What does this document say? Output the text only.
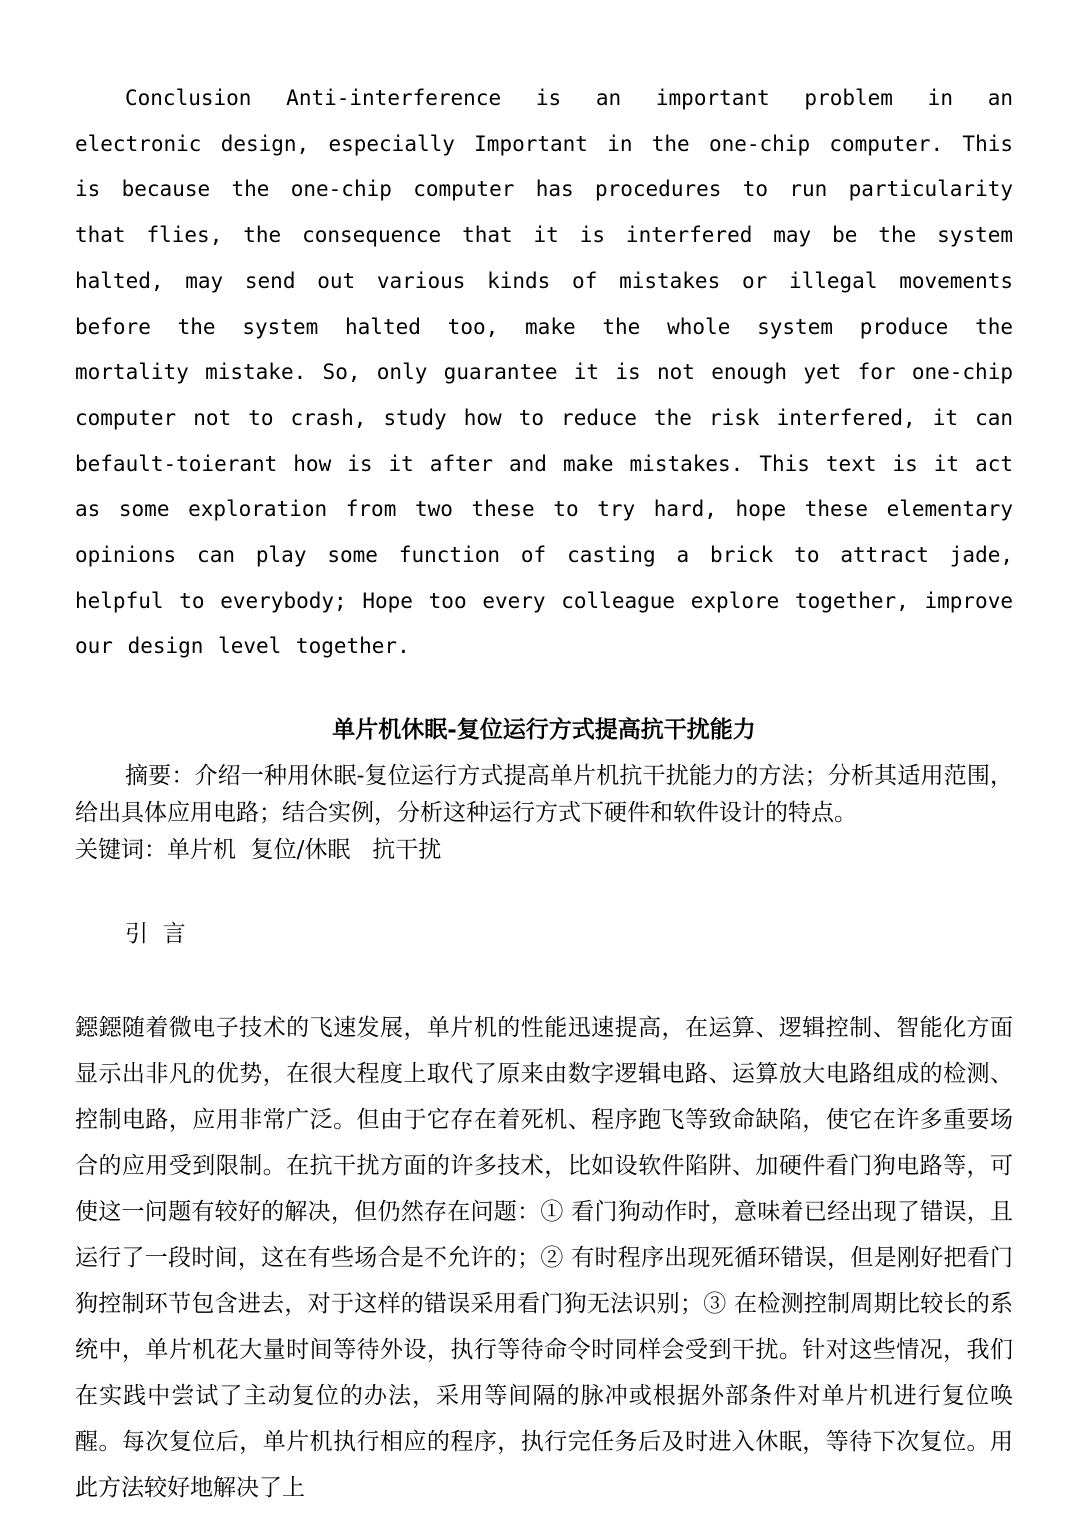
Conclusion Anti-interference is an important problem in an electronic design, especially Important in the one-chip computer. This is because the one-chip computer has procedures to run particularity that flies, the consequence that it is interfered may be the system halted, may send out various kinds of mistakes or illegal movements before the system halted too, make the whole system produce the mortality mistake. So, only guarantee it is not enough yet for one-chip computer not to crash, study how to reduce the risk interfered, it can befault-toierant how is it after and make mistakes. This text is it act as some exploration from two these to try hard, hope these elementary opinions can play some function of casting a brick to attract jade, helpful to everybody; Hope too every colleague explore together, improve our design level together.

单片机休眠-复位运行方式提高抗干扰能力

摘要：介绍一种用休眠-复位运行方式提高单片机抗干扰能力的方法；分析其适用范围，给出具体应用电路；结合实例，分析这种运行方式下硬件和软件设计的特点。

关键词：单片机  复位/休眠   抗干扰

引  言

鐚鐚随着微电子技术的飞速发展，单片机的性能迅速提高，在运算、逻辑控制、智能化方面显示出非凡的优势，在很大程度上取代了原来由数字逻辑电路、运算放大电路组成的检测、控制电路，应用非常广泛。但由于它存在着死机、程序跑飞等致命缺陷，使它在许多重要场合的应用受到限制。在抗干扰方面的许多技术，比如设软件陷阱、加硬件看门狗电路等，可使这一问题有较好的解决，但仍然存在问题：① 看门狗动作时，意味着已经出现了错误，且运行了一段时间，这在有些场合是不允许的；② 有时程序出现死循环错误，但是刚好把看门狗控制环节包含进去，对于这样的错误采用看门狗无法识别；③ 在检测控制周期比较长的系统中，单片机花大量时间等待外设，执行等待命令时同样会受到干扰。针对这些情况，我们在实践中尝试了主动复位的办法，采用等间隔的脉冲或根据外部条件对单片机进行复位唤醒。每次复位后，单片机执行相应的程序，执行完任务后及时进入休眠，等待下次复位。用此方法较好地解决了上
